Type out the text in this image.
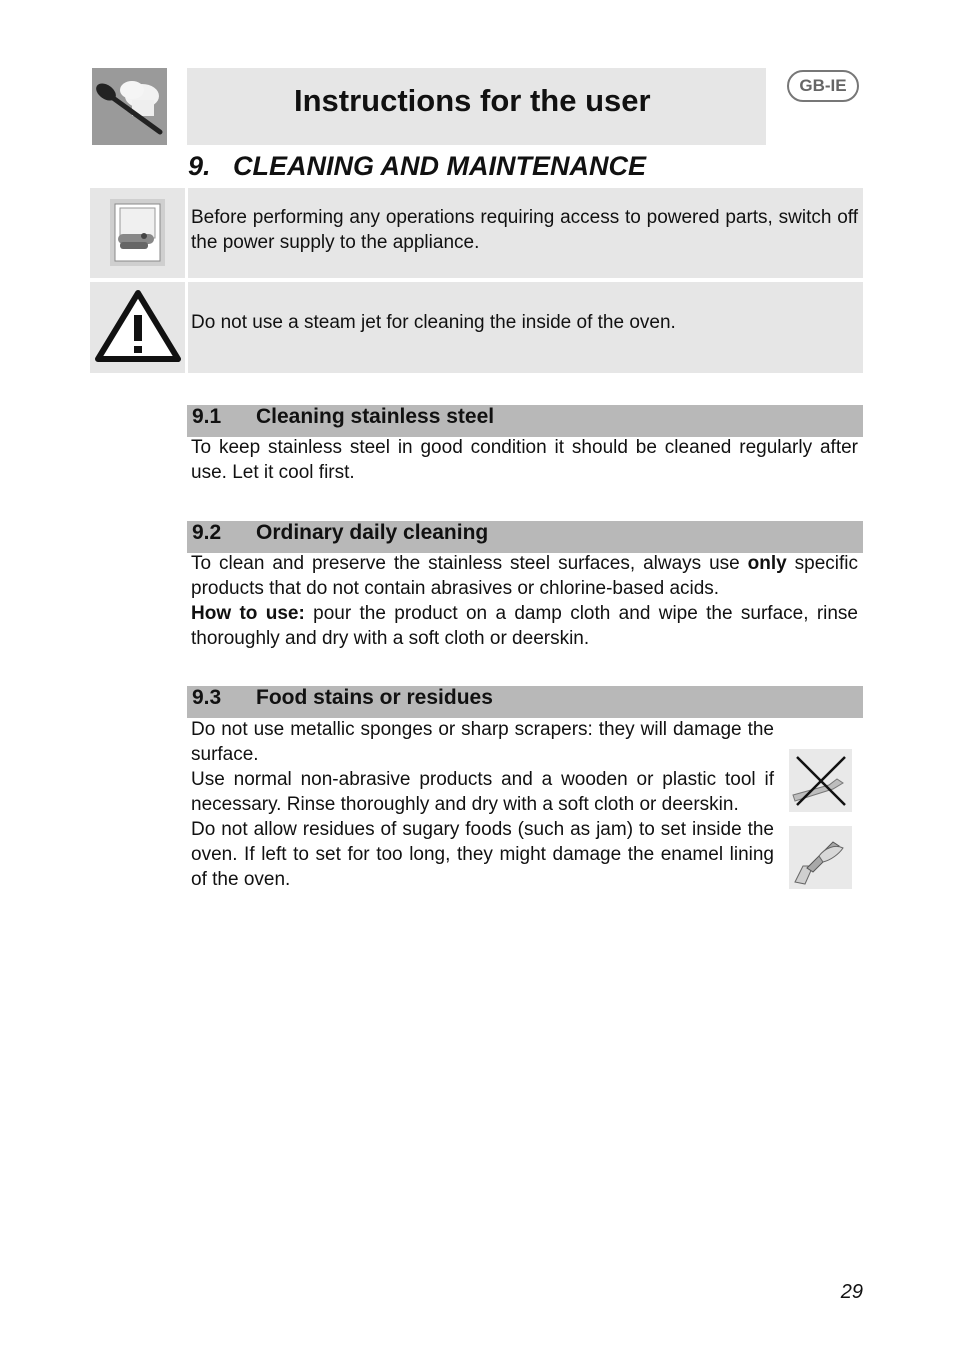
Instructions for the user	GB-IE
9. CLEANING AND MAINTENANCE
Before performing any operations requiring access to powered parts, switch off the power supply to the appliance.
Do not use a steam jet for cleaning the inside of the oven.
9.1 Cleaning stainless steel
To keep stainless steel in good condition it should be cleaned regularly after use. Let it cool first.
9.2 Ordinary daily cleaning
To clean and preserve the stainless steel surfaces, always use only specific products that do not contain abrasives or chlorine-based acids.
How to use: pour the product on a damp cloth and wipe the surface, rinse thoroughly and dry with a soft cloth or deerskin.
9.3 Food stains or residues
Do not use metallic sponges or sharp scrapers: they will damage the surface.
Use normal non-abrasive products and a wooden or plastic tool if necessary. Rinse thoroughly and dry with a soft cloth or deerskin.
Do not allow residues of sugary foods (such as jam) to set inside the oven. If left to set for too long, they might damage the enamel lining of the oven.
29
